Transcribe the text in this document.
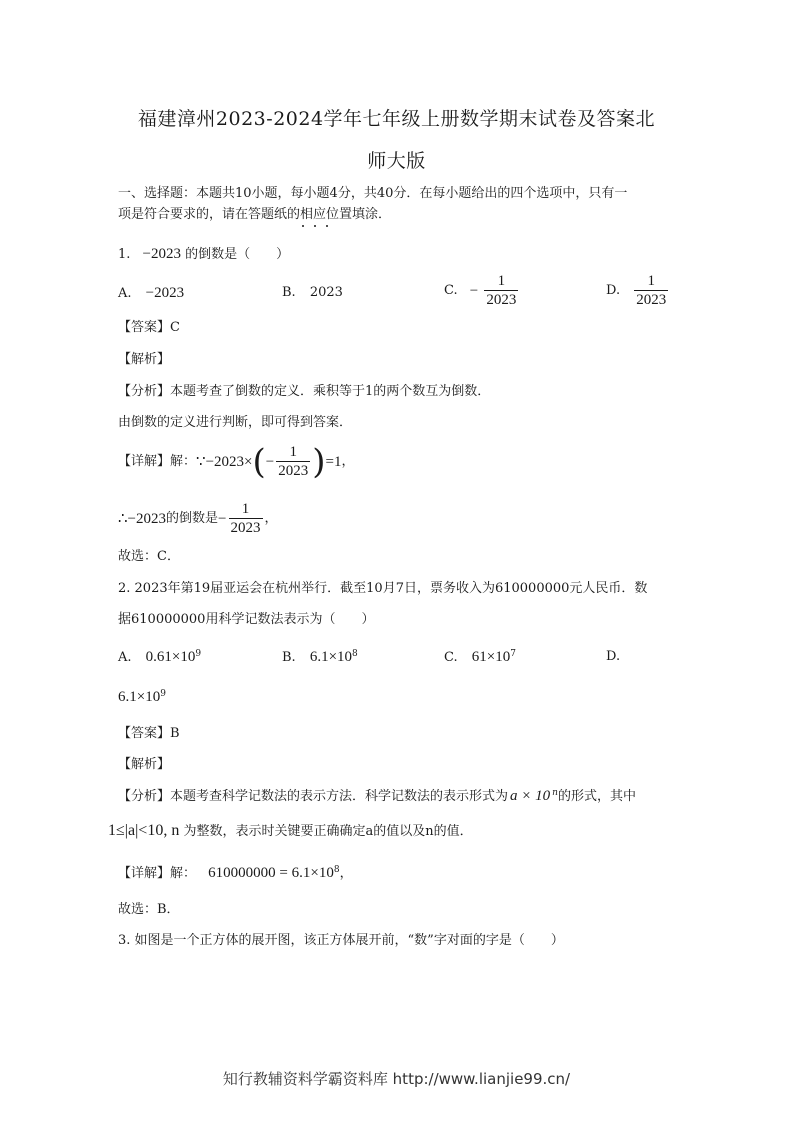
福建漳州2023-2024学年七年级上册数学期末试卷及答案北
师大版
一、选择题：本题共10小题，每小题4分，共40分．在每小题给出的四个选项中，只有一
项是符合要求的，请在答题纸的相应位置填涂．
1. −2023 的倒数是（　　）
A. −2023	B. 2023	C. − $\frac{1}{2023}$	D. $\frac{1}{2023}$
【答案】C
【解析】
【分析】本题考查了倒数的定义．乘积等于1的两个数互为倒数．
由倒数的定义进行判断，即可得到答案．
【详解】解： ∵ −2023× ( − $\frac{1}{2023}$ ) =1 ，
∴ −2023 的倒数是 − $\frac{1}{2023}$ ，
故选：C．
2. 2023年第19届亚运会在杭州举行．截至10月7日，票务收入为610000000元人民币．数
据610000000用科学记数法表示为（　　）
A. $0.61\times 10^9$	B. $6.1\times 10^8$	C. $61\times 10^7$	D.
$6.1\times 10^9$
【答案】B
【解析】
【分析】本题考查科学记数法的表示方法．科学记数法的表示形式为 a × 10 $^n$的形式，其中
1≤|a|<10, n 为整数，表示时关键要正确确定a的值以及n的值．
【详解】解： $610000000 = 6.1\times 10^8$，
故选：B．
3. 如图是一个正方体的展开图，该正方体展开前，“数”字对面的字是（　　）
知行教辅资料学霸资料库 http://www.lianjie99.cn/
